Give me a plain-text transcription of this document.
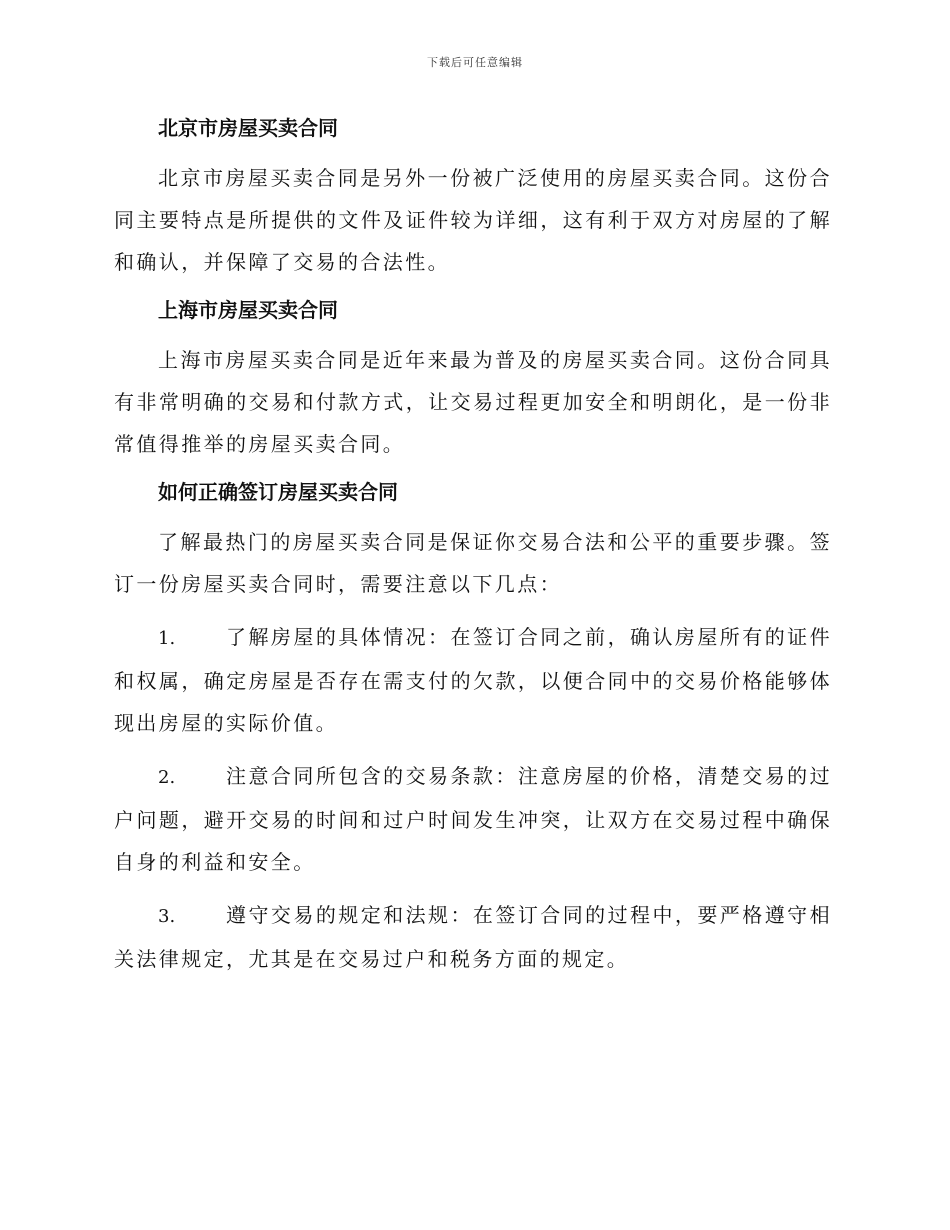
下载后可任意编辑
北京市房屋买卖合同

北京市房屋买卖合同是另外一份被广泛使用的房屋买卖合同。这份合同主要特点是所提供的文件及证件较为详细，这有利于双方对房屋的了解和确认，并保障了交易的合法性。

上海市房屋买卖合同

上海市房屋买卖合同是近年来最为普及的房屋买卖合同。这份合同具有非常明确的交易和付款方式，让交易过程更加安全和明朗化，是一份非常值得推举的房屋买卖合同。

如何正确签订房屋买卖合同

了解最热门的房屋买卖合同是保证你交易合法和公平的重要步骤。签订一份房屋买卖合同时，需要注意以下几点：

1.	了解房屋的具体情况：在签订合同之前，确认房屋所有的证件和权属，确定房屋是否存在需支付的欠款，以便合同中的交易价格能够体现出房屋的实际价值。

2.	注意合同所包含的交易条款：注意房屋的价格，清楚交易的过户问题，避开交易的时间和过户时间发生冲突，让双方在交易过程中确保自身的利益和安全。

3.	遵守交易的规定和法规：在签订合同的过程中，要严格遵守相关法律规定，尤其是在交易过户和税务方面的规定。
